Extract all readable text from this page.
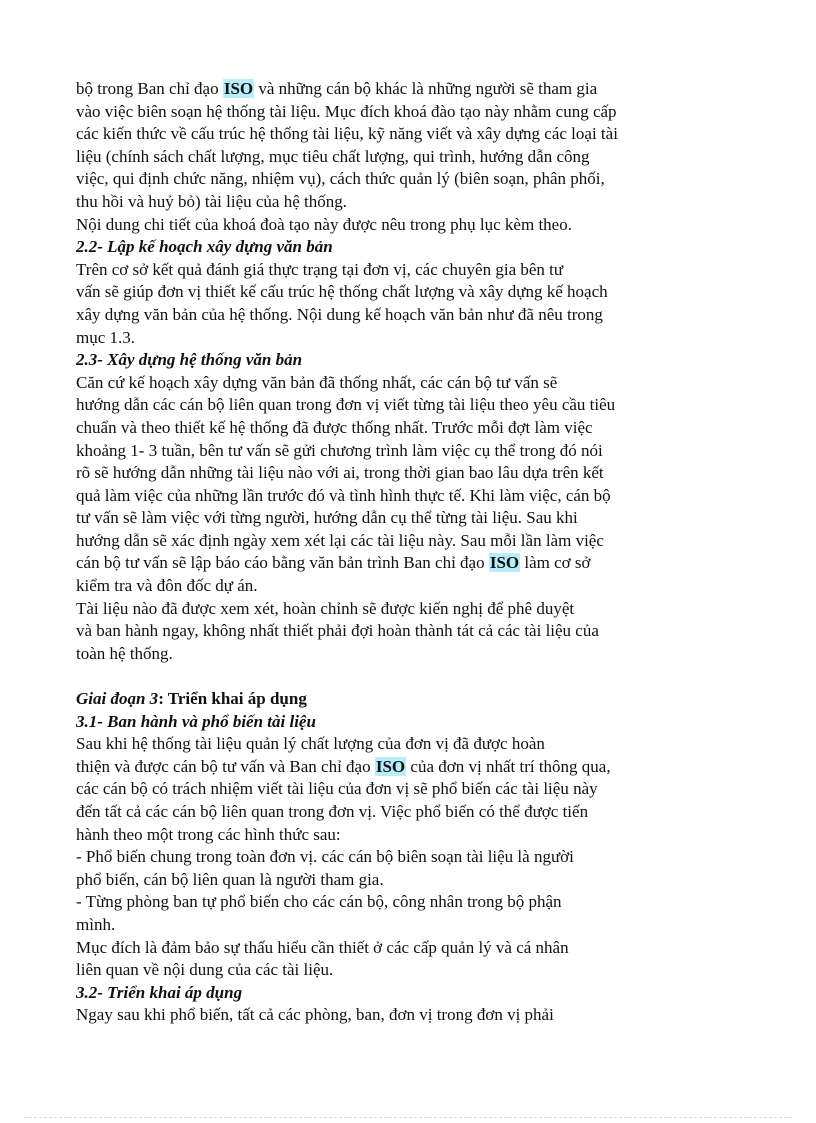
bộ trong Ban chỉ đạo ISO và những cán bộ khác là những người sẽ tham gia
vào việc biên soạn hệ thống tài liệu. Mục đích khoá đào tạo này nhằm cung cấp
các kiến thức về cấu trúc hệ thống tài liệu, kỹ năng viết và xây dựng các loại tài
liệu (chính sách chất lượng, mục tiêu chất lượng, qui trình, hướng dẫn công
việc, qui định chức năng, nhiệm vụ), cách thức quản lý (biên soạn, phân phối,
thu hồi và huỷ bỏ) tài liệu của hệ thống.
Nội dung chi tiết của khoá đoà tạo này được nêu trong phụ lục kèm theo.
2.2- Lập kế hoạch xây dựng văn bản
Trên cơ sở kết quả đánh giá thực trạng tại đơn vị, các chuyên gia bên tư
vấn sẽ giúp đơn vị thiết kế cấu trúc hệ thống chất lượng và xây dựng kế hoạch
xây dựng văn bản của hệ thống. Nội dung kế hoạch văn bản như đã nêu trong
mục 1.3.
2.3- Xây dựng hệ thống văn bản
Căn cứ kế hoạch xây dựng văn bản đã thống nhất, các cán bộ tư vấn sẽ
hướng dẫn các cán bộ liên quan trong đơn vị viết từng tài liệu theo yêu cầu tiêu
chuẩn và theo thiết kế hệ thống đã được thống nhất. Trước mỗi đợt làm việc
khoảng 1- 3 tuần, bên tư vấn sẽ gửi chương trình làm việc cụ thể trong đó nói
rõ sẽ hướng dẫn những tài liệu nào với ai, trong thời gian bao lâu dựa trên kết
quả làm việc của những lần trước đó và tình hình thực tế. Khi làm việc, cán bộ
tư vấn sẽ làm việc với từng người, hướng dẫn cụ thể từng tài liệu. Sau khi
hướng dẫn sẽ xác định ngày xem xét lại các tài liệu này. Sau mỗi lần làm việc
cán bộ tư vấn sẽ lập báo cáo bằng văn bản trình Ban chỉ đạo ISO làm cơ sở
kiểm tra và đôn đốc dự án.
Tài liệu nào đã được xem xét, hoàn chỉnh sẽ được kiến nghị để phê duyệt
và ban hành ngay, không nhất thiết phải đợi hoàn thành tát cả các tài liệu của
toàn hệ thống.
Giai đoạn 3: Triển khai áp dụng
3.1- Ban hành và phổ biến tài liệu
Sau khi hệ thống tài liệu quản lý chất lượng của đơn vị đã được hoàn
thiện và được cán bộ tư vấn và Ban chỉ đạo ISO của đơn vị nhất trí thông qua,
các cán bộ có trách nhiệm viết tài liệu của đơn vị sẽ phổ biến các tài liệu này
đến tất cả các cán bộ liên quan trong đơn vị. Việc phổ biến có thể được tiến
hành theo một trong các hình thức sau:
- Phổ biến chung trong toàn đơn vị. các cán bộ biên soạn tài liệu là người
phổ biến, cán bộ liên quan là người tham gia.
- Từng phòng ban tự phổ biến cho các cán bộ, công nhân trong bộ phận
mình.
Mục đích là đảm bảo sự thấu hiểu cần thiết ở các cấp quản lý và cá nhân
liên quan về nội dung của các tài liệu.
3.2- Triển khai áp dụng
Ngay sau khi phổ biến, tất cả các phòng, ban, đơn vị trong đơn vị phải
